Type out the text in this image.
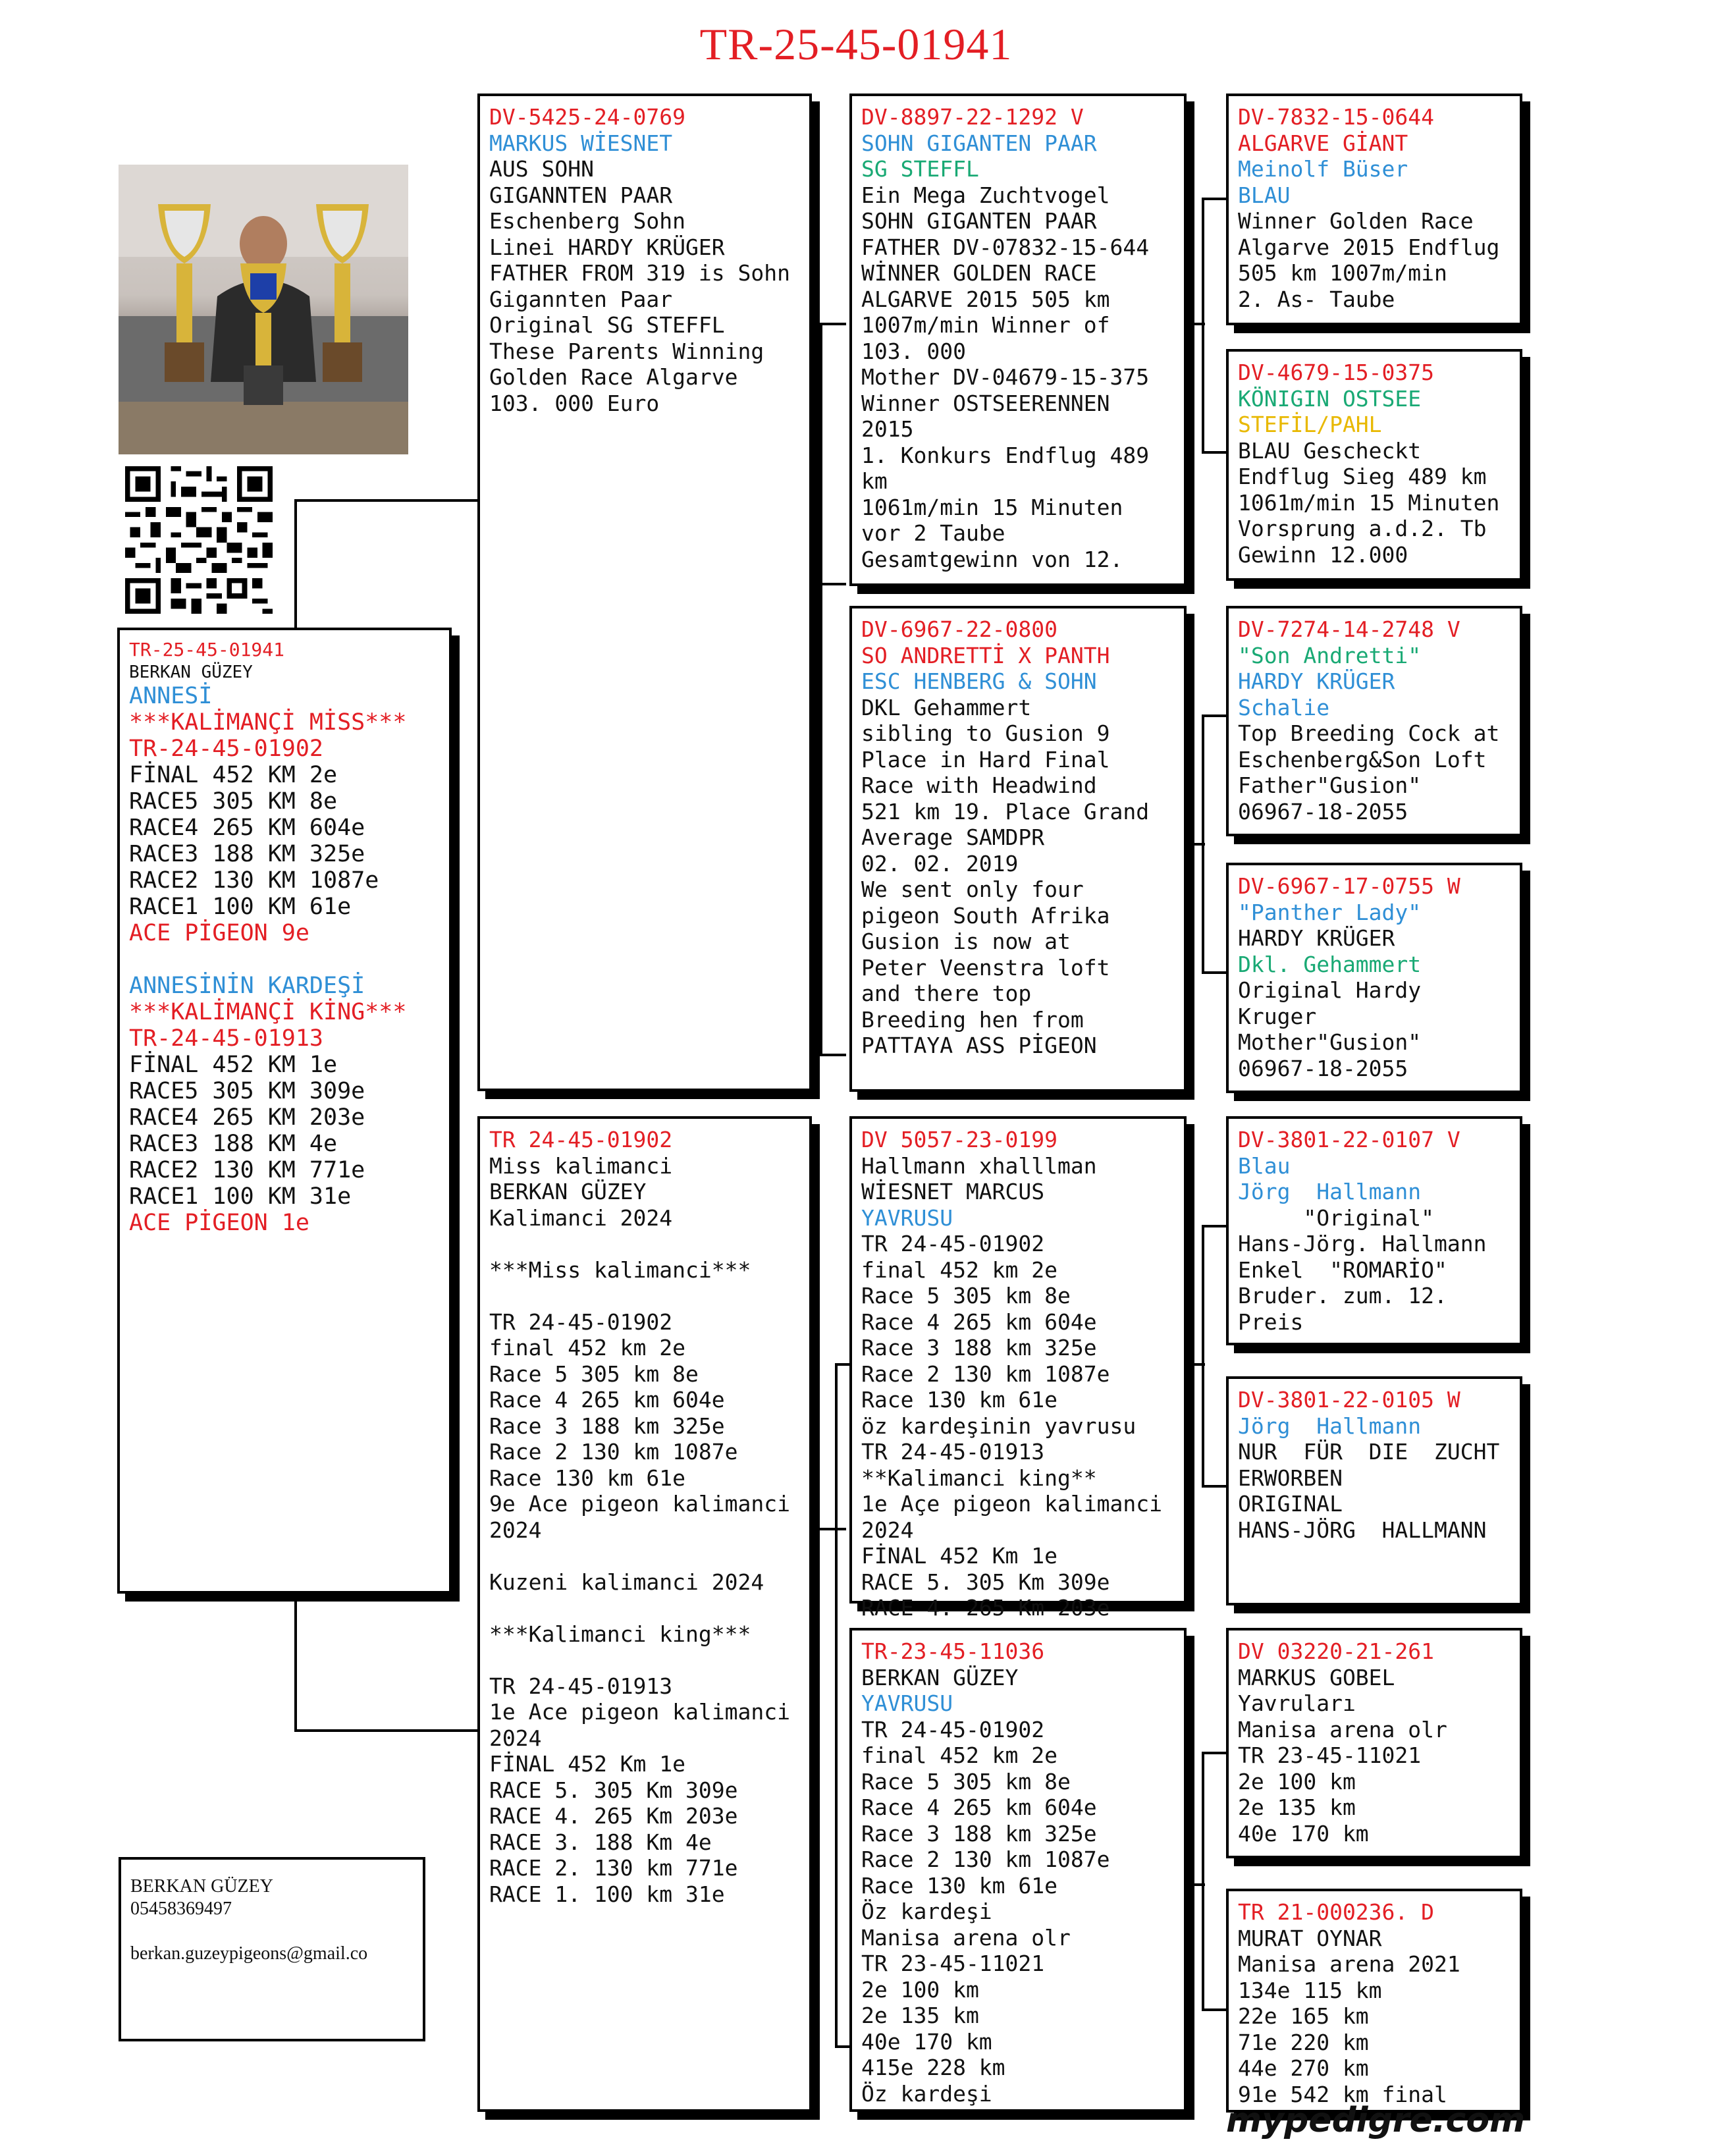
TR-25-45-01941
TR-25-45-01941
BERKAN GÜZEY
ANNESİ
***KALİMANÇİ MİSS***
TR-24-45-01902
FİNAL 452 KM 2e
RACE5 305 KM 8e
RACE4 265 KM 604e
RACE3 188 KM 325e
RACE2 130 KM 1087e
RACE1 100 KM 61e
ACE PİGEON 9e

ANNESİNİN KARDEŞİ
***KALİMANÇİ KİNG***
TR-24-45-01913
FİNAL 452 KM 1e
RACE5 305 KM 309e
RACE4 265 KM 203e
RACE3 188 KM 4e
RACE2 130 KM 771e
RACE1 100 KM 31e
ACE PİGEON 1e
DV-5425-24-0769
MARKUS WİESNET
AUS SOHN
GIGANNTEN PAAR
Eschenberg Sohn
Linei HARDY KRÜGER
FATHER FROM 319 is Sohn
Gigannten Paar
Original SG STEFFL
These Parents Winning
Golden Race Algarve
103. 000 Euro
TR 24-45-01902
Miss kalimanci
BERKAN GÜZEY
Kalimanci 2024

***Miss kalimanci***

TR 24-45-01902
final 452 km 2e
Race 5 305 km 8e
Race 4 265 km 604e
Race 3 188 km 325e
Race 2 130 km 1087e
Race 130 km 61e
9e Ace pigeon kalimanci
2024

Kuzeni kalimanci 2024

***Kalimanci king***

TR 24-45-01913
1e Ace pigeon kalimanci
2024
FİNAL 452 Km 1e
RACE 5. 305 Km 309e
RACE 4. 265 Km 203e
RACE 3. 188 Km 4e
RACE 2. 130 km 771e
RACE 1. 100 km 31e
DV-8897-22-1292 V
SOHN GIGANTEN PAAR
SG STEFFL
Ein Mega Zuchtvogel
SOHN GIGANTEN PAAR
FATHER DV-07832-15-644
WİNNER GOLDEN RACE
ALGARVE 2015 505 km
1007m/min Winner of
103. 000
Mother DV-04679-15-375
Winner OSTSEERENNEN
2015
1. Konkurs Endflug 489
km
1061m/min 15 Minuten
vor 2 Taube
Gesamtgewinn von 12.
DV-6967-22-0800
SO ANDRETTİ X PANTH
ESC HENBERG & SOHN
DKL Gehammert
sibling to Gusion 9
Place in Hard Final
Race with Headwind
521 km 19. Place Grand
Average SAMDPR
02. 02. 2019
We sent only four
pigeon South Afrika
Gusion is now at
Peter Veenstra loft
and there top
Breeding hen from
PATTAYA ASS PİGEON
DV 5057-23-0199
Hallmann xhalllman
WİESNET MARCUS
YAVRUSU
TR 24-45-01902
final 452 km 2e
Race 5 305 km 8e
Race 4 265 km 604e
Race 3 188 km 325e
Race 2 130 km 1087e
Race 130 km 61e
öz kardeşinin yavrusu
TR 24-45-01913
**Kalimanci king**
1e Açe pigeon kalimanci
2024
FİNAL 452 Km 1e
RACE 5. 305 Km 309e
RACE 4. 265 Km 203e
TR-23-45-11036
BERKAN GÜZEY
YAVRUSU
TR 24-45-01902
final 452 km 2e
Race 5 305 km 8e
Race 4 265 km 604e
Race 3 188 km 325e
Race 2 130 km 1087e
Race 130 km 61e
Öz kardeşi
Manisa arena olr
TR 23-45-11021
2e 100 km
2e 135 km
40e 170 km
415e 228 km
Öz kardeşi
DV-7832-15-0644
ALGARVE GİANT
Meinolf Büser
BLAU
Winner Golden Race
Algarve 2015 Endflug
505 km 1007m/min
2. As- Taube
DV-4679-15-0375
KÖNIGIN OSTSEE
STEFİL/PAHL
BLAU Gescheckt
Endflug Sieg 489 km
1061m/min 15 Minuten
Vorsprung a.d.2. Tb
Gewinn 12.000
DV-7274-14-2748 V
"Son Andretti"
HARDY KRÜGER
Schalie
Top Breeding Cock at
Eschenberg&Son Loft
Father"Gusion"
06967-18-2055
DV-6967-17-0755 W
"Panther Lady"
HARDY KRÜGER
Dkl. Gehammert
Original Hardy
Kruger
Mother"Gusion"
06967-18-2055
DV-3801-22-0107 V
Blau
Jörg  Hallmann
"Original"
Hans-Jörg. Hallmann
Enkel  "ROMARİO"
Bruder. zum. 12.
Preis
DV-3801-22-0105 W
Jörg  Hallmann
NUR  FÜR  DIE  ZUCHT
ERWORBEN
ORIGINAL
HANS-JÖRG  HALLMANN
DV 03220-21-261
MARKUS GOBEL
Yavruları
Manisa arena olr
TR 23-45-11021
2e 100 km
2e 135 km
40e 170 km
TR 21-000236. D
MURAT OYNAR
Manisa arena 2021
134e 115 km
22e 165 km
71e 220 km
44e 270 km
91e 542 km final
BERKAN GÜZEY
05458369497

berkan.guzeypigeons@gmail.co
mypedigre.com
